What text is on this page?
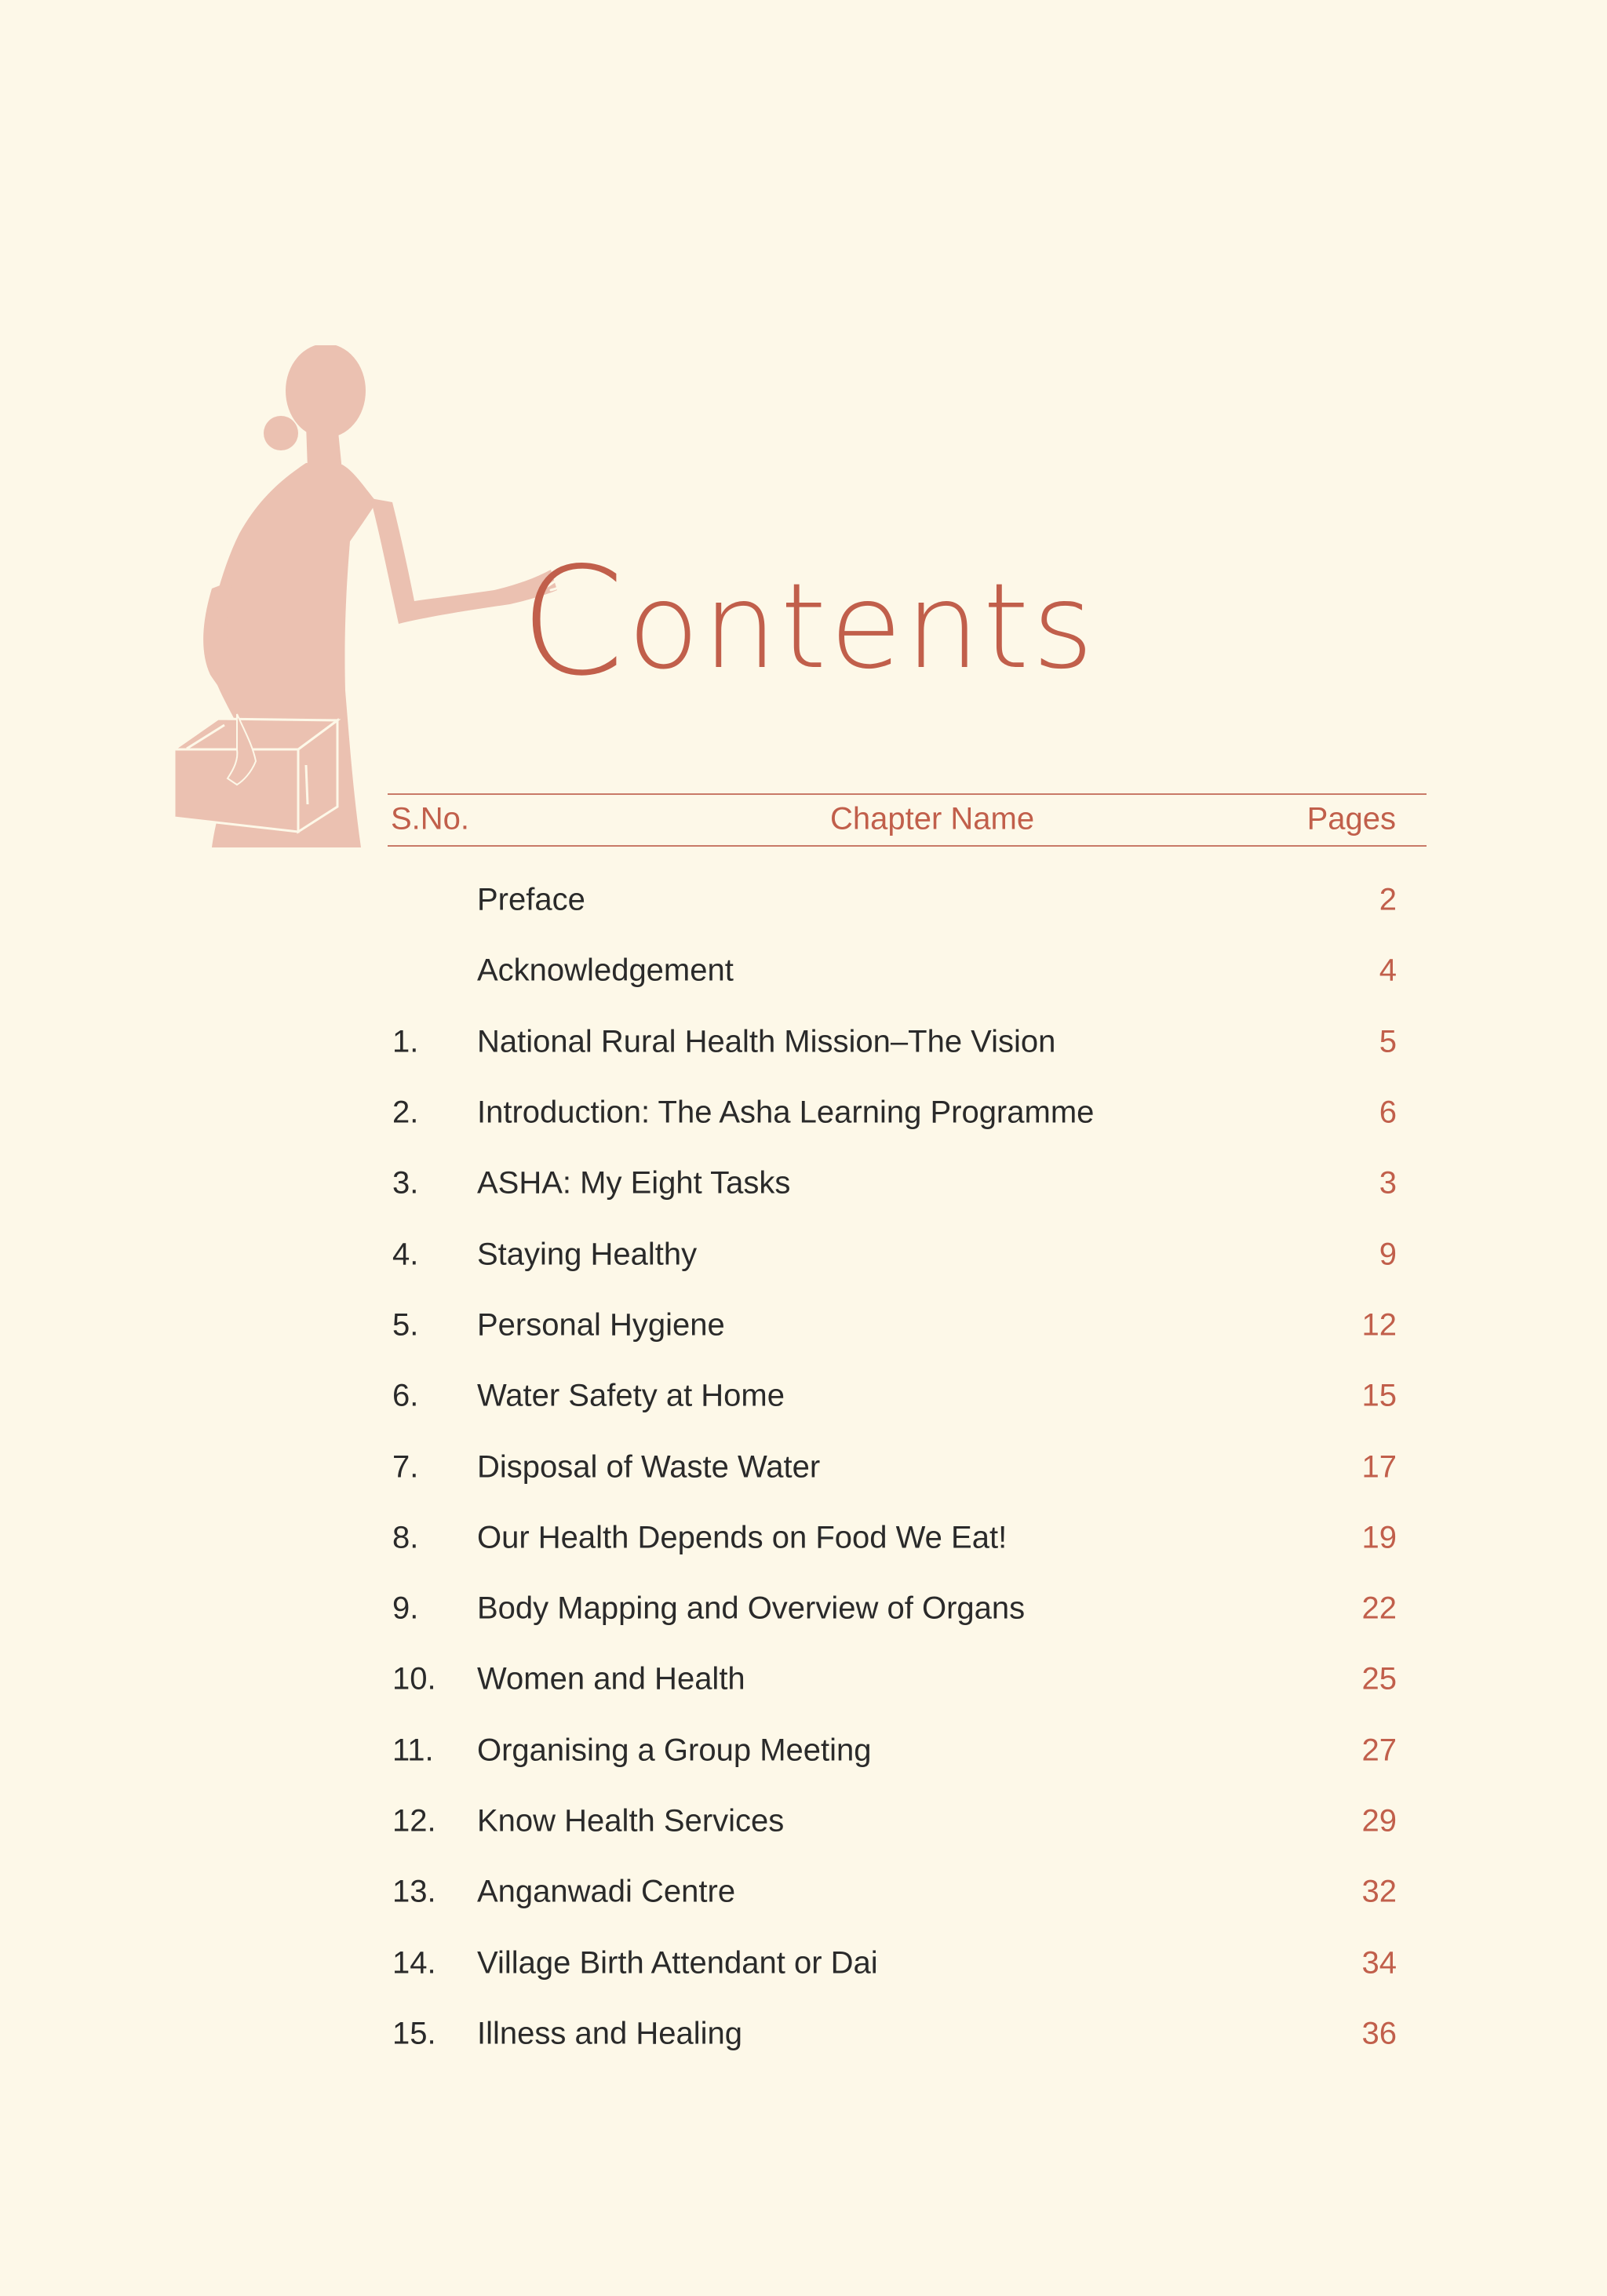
Contents
S.No.	Chapter Name	Pages
Preface	2
Acknowledgement	4
1. National Rural Health Mission–The Vision	5
2. Introduction: The Asha Learning Programme	6
3. ASHA: My Eight Tasks	3
4. Staying Healthy	9
5. Personal Hygiene	12
6. Water Safety at Home	15
7. Disposal of Waste Water	17
8. Our Health Depends on Food We Eat!	19
9. Body Mapping and Overview of Organs	22
10. Women and Health	25
11. Organising a Group Meeting	27
12. Know Health Services	29
13. Anganwadi Centre	32
14. Village Birth Attendant or Dai	34
15. Illness and Healing	36
